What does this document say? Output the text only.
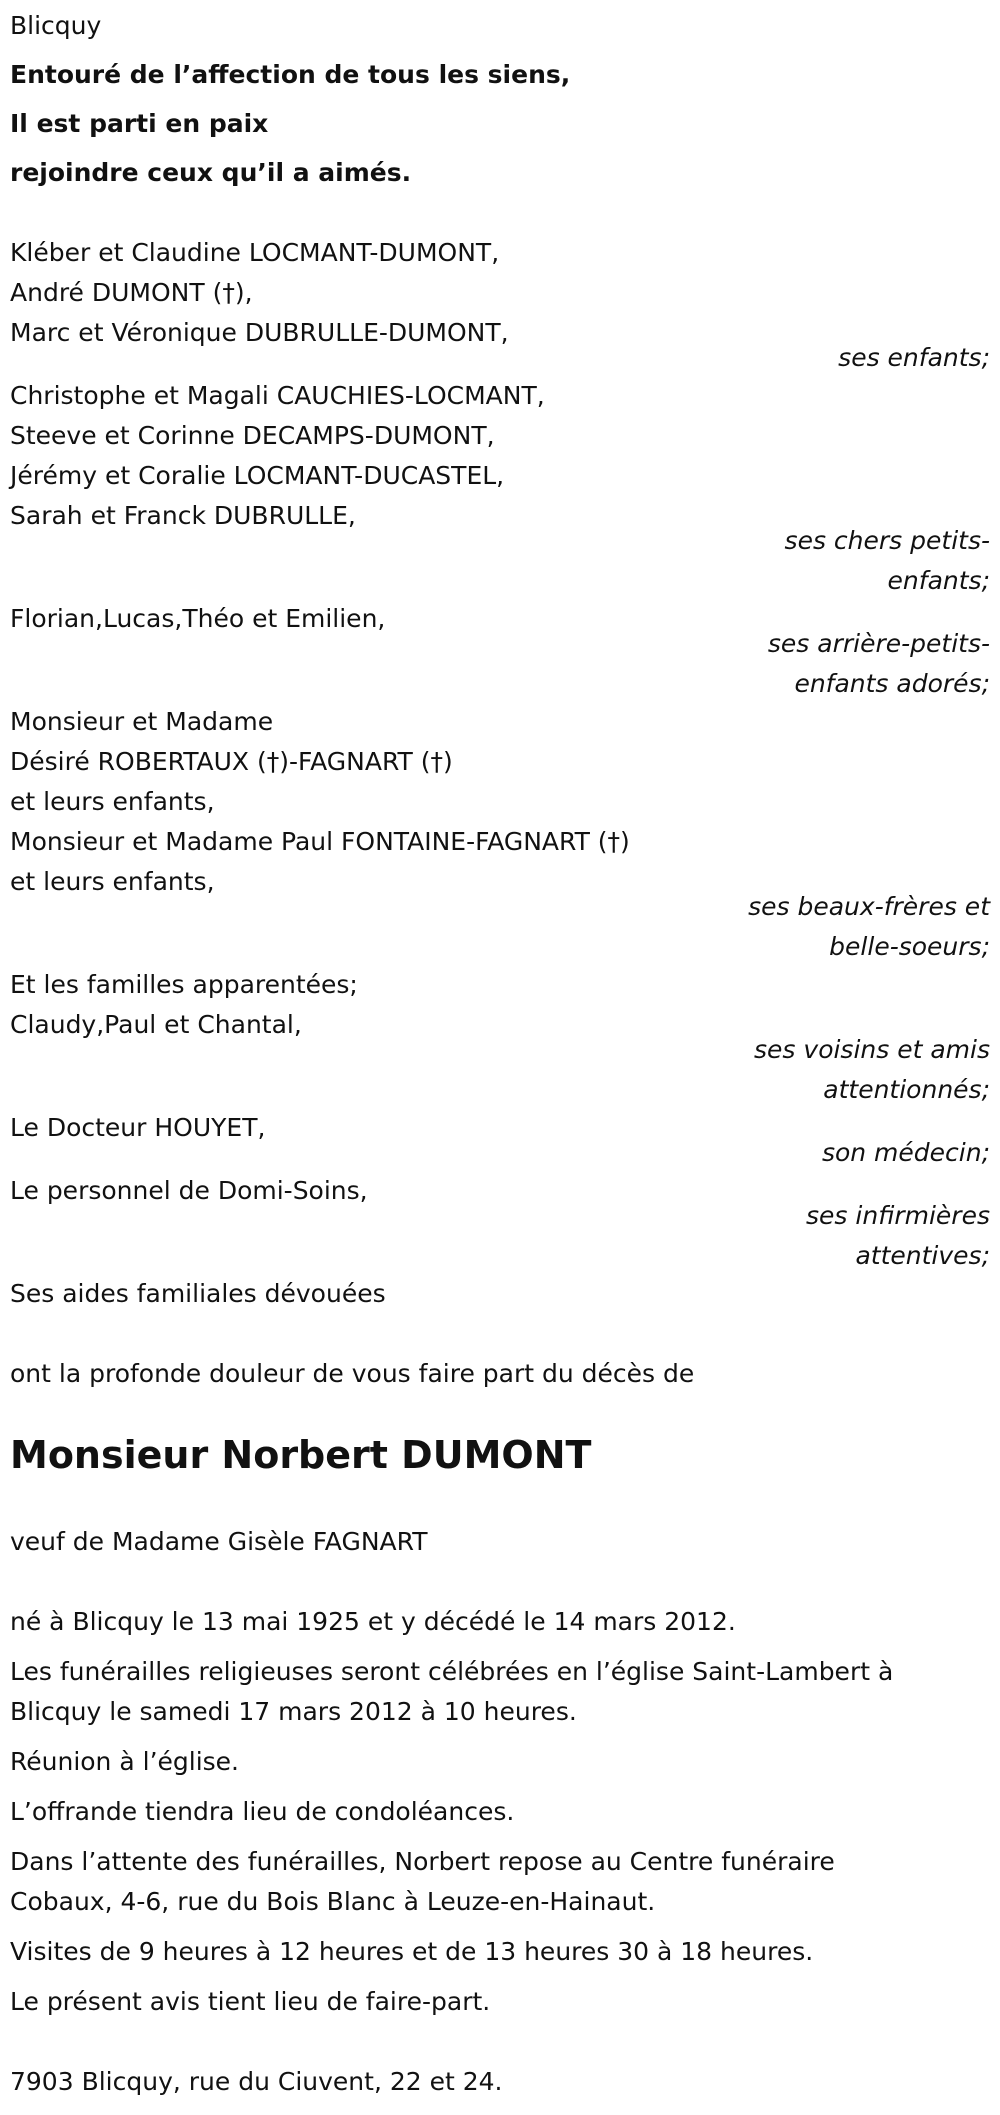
Blicquy
Entouré de l’affection de tous les siens,
Il est parti en paix
rejoindre ceux qu’il a aimés.
Kléber et Claudine LOCMANT-DUMONT,
André DUMONT (†),
Marc et Véronique DUBRULLE-DUMONT,
ses enfants;
Christophe et Magali CAUCHIES-LOCMANT,
Steeve et Corinne DECAMPS-DUMONT,
Jérémy et Coralie LOCMANT-DUCASTEL,
Sarah et Franck DUBRULLE,
ses chers petits-enfants;
Florian,Lucas,Théo et Emilien,
ses arrière-petits-enfants adorés;
Monsieur et Madame
Désiré ROBERTAUX (†)-FAGNART (†)
et leurs enfants,
Monsieur et Madame Paul FONTAINE-FAGNART (†)
et leurs enfants,
ses beaux-frères et belle-soeurs;
Et les familles apparentées;
Claudy,Paul et Chantal,
ses voisins et amis attentionnés;
Le Docteur HOUYET,
son médecin;
Le personnel de Domi-Soins,
ses infirmières attentives;
Ses aides familiales dévouées
ont la profonde douleur de vous faire part du décès de
Monsieur Norbert DUMONT
veuf de Madame Gisèle FAGNART
né à Blicquy le 13 mai 1925 et y décédé le 14 mars 2012.
Les funérailles religieuses seront célébrées en l’église Saint-Lambert à
Blicquy le samedi 17 mars 2012 à 10 heures.
Réunion à l’église.
L’offrande tiendra lieu de condoléances.
Dans l’attente des funérailles, Norbert repose au Centre funéraire
Cobaux, 4-6, rue du Bois Blanc à Leuze-en-Hainaut.
Visites de 9 heures à 12 heures et de 13 heures 30 à 18 heures.
Le présent avis tient lieu de faire-part.
7903 Blicquy, rue du Ciuvent, 22 et 24.
